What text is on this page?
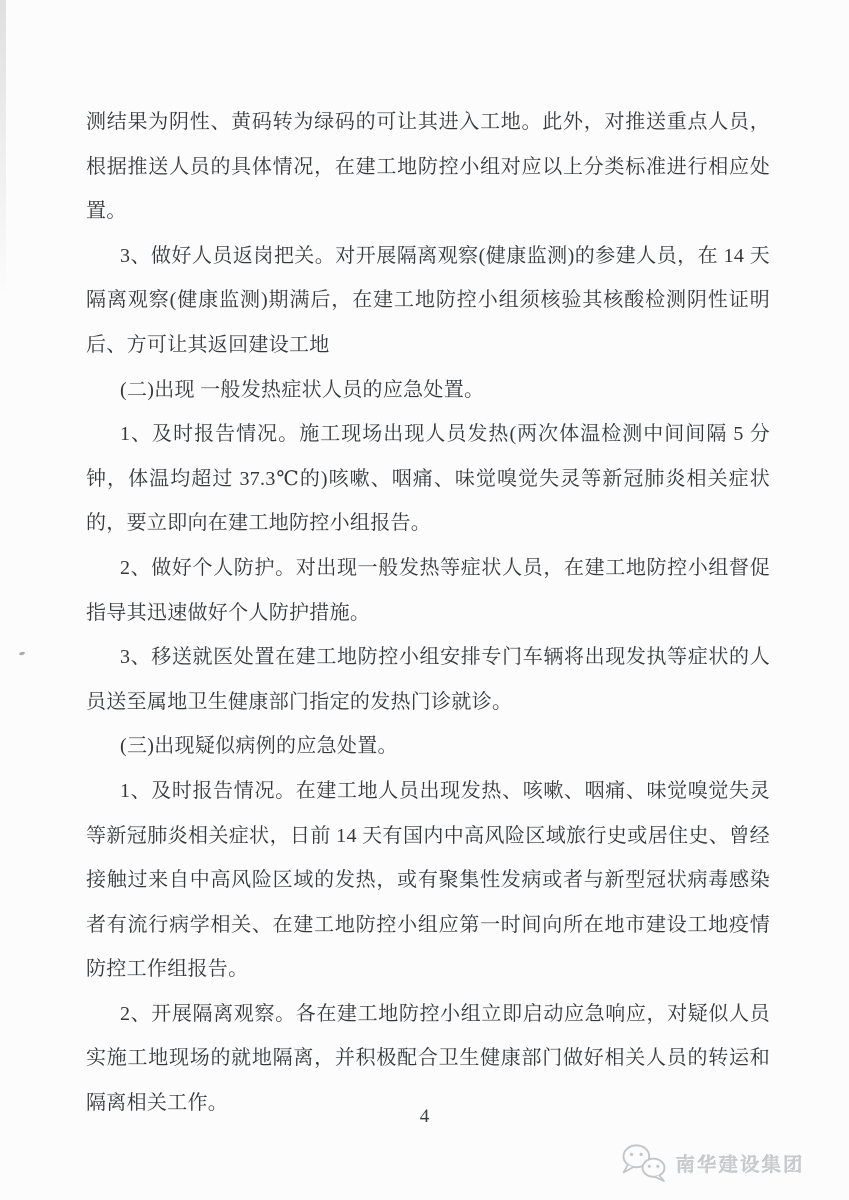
测结果为阴性、黄码转为绿码的可让其进入工地。此外，对推送重点人员，根据推送人员的具体情况，在建工地防控小组对应以上分类标准进行相应处置。

3、做好人员返岗把关。对开展隔离观察(健康监测)的参建人员，在 14 天隔离观察(健康监测)期满后，在建工地防控小组须核验其核酸检测阴性证明后、方可让其返回建设工地

(二)出现 一般发热症状人员的应急处置。

1、及时报告情况。施工现场出现人员发热(两次体温检测中间间隔 5 分钟，体温均超过 37.3℃的)咳嗽、咽痛、味觉嗅觉失灵等新冠肺炎相关症状的，要立即向在建工地防控小组报告。

2、做好个人防护。对出现一般发热等症状人员，在建工地防控小组督促指导其迅速做好个人防护措施。

3、移送就医处置在建工地防控小组安排专门车辆将出现发执等症状的人员送至属地卫生健康部门指定的发热门诊就诊。

(三)出现疑似病例的应急处置。

1、及时报告情况。在建工地人员出现发热、咳嗽、咽痛、味觉嗅觉失灵等新冠肺炎相关症状，日前 14 天有国内中高风险区域旅行史或居住史、曾经接触过来自中高风险区域的发热，或有聚集性发病或者与新型冠状病毒感染者有流行病学相关、在建工地防控小组应第一时间向所在地市建设工地疫情防控工作组报告。

2、开展隔离观察。各在建工地防控小组立即启动应急响应，对疑似人员实施工地现场的就地隔离，并积极配合卫生健康部门做好相关人员的转运和隔离相关工作。

4
南华建设集团
